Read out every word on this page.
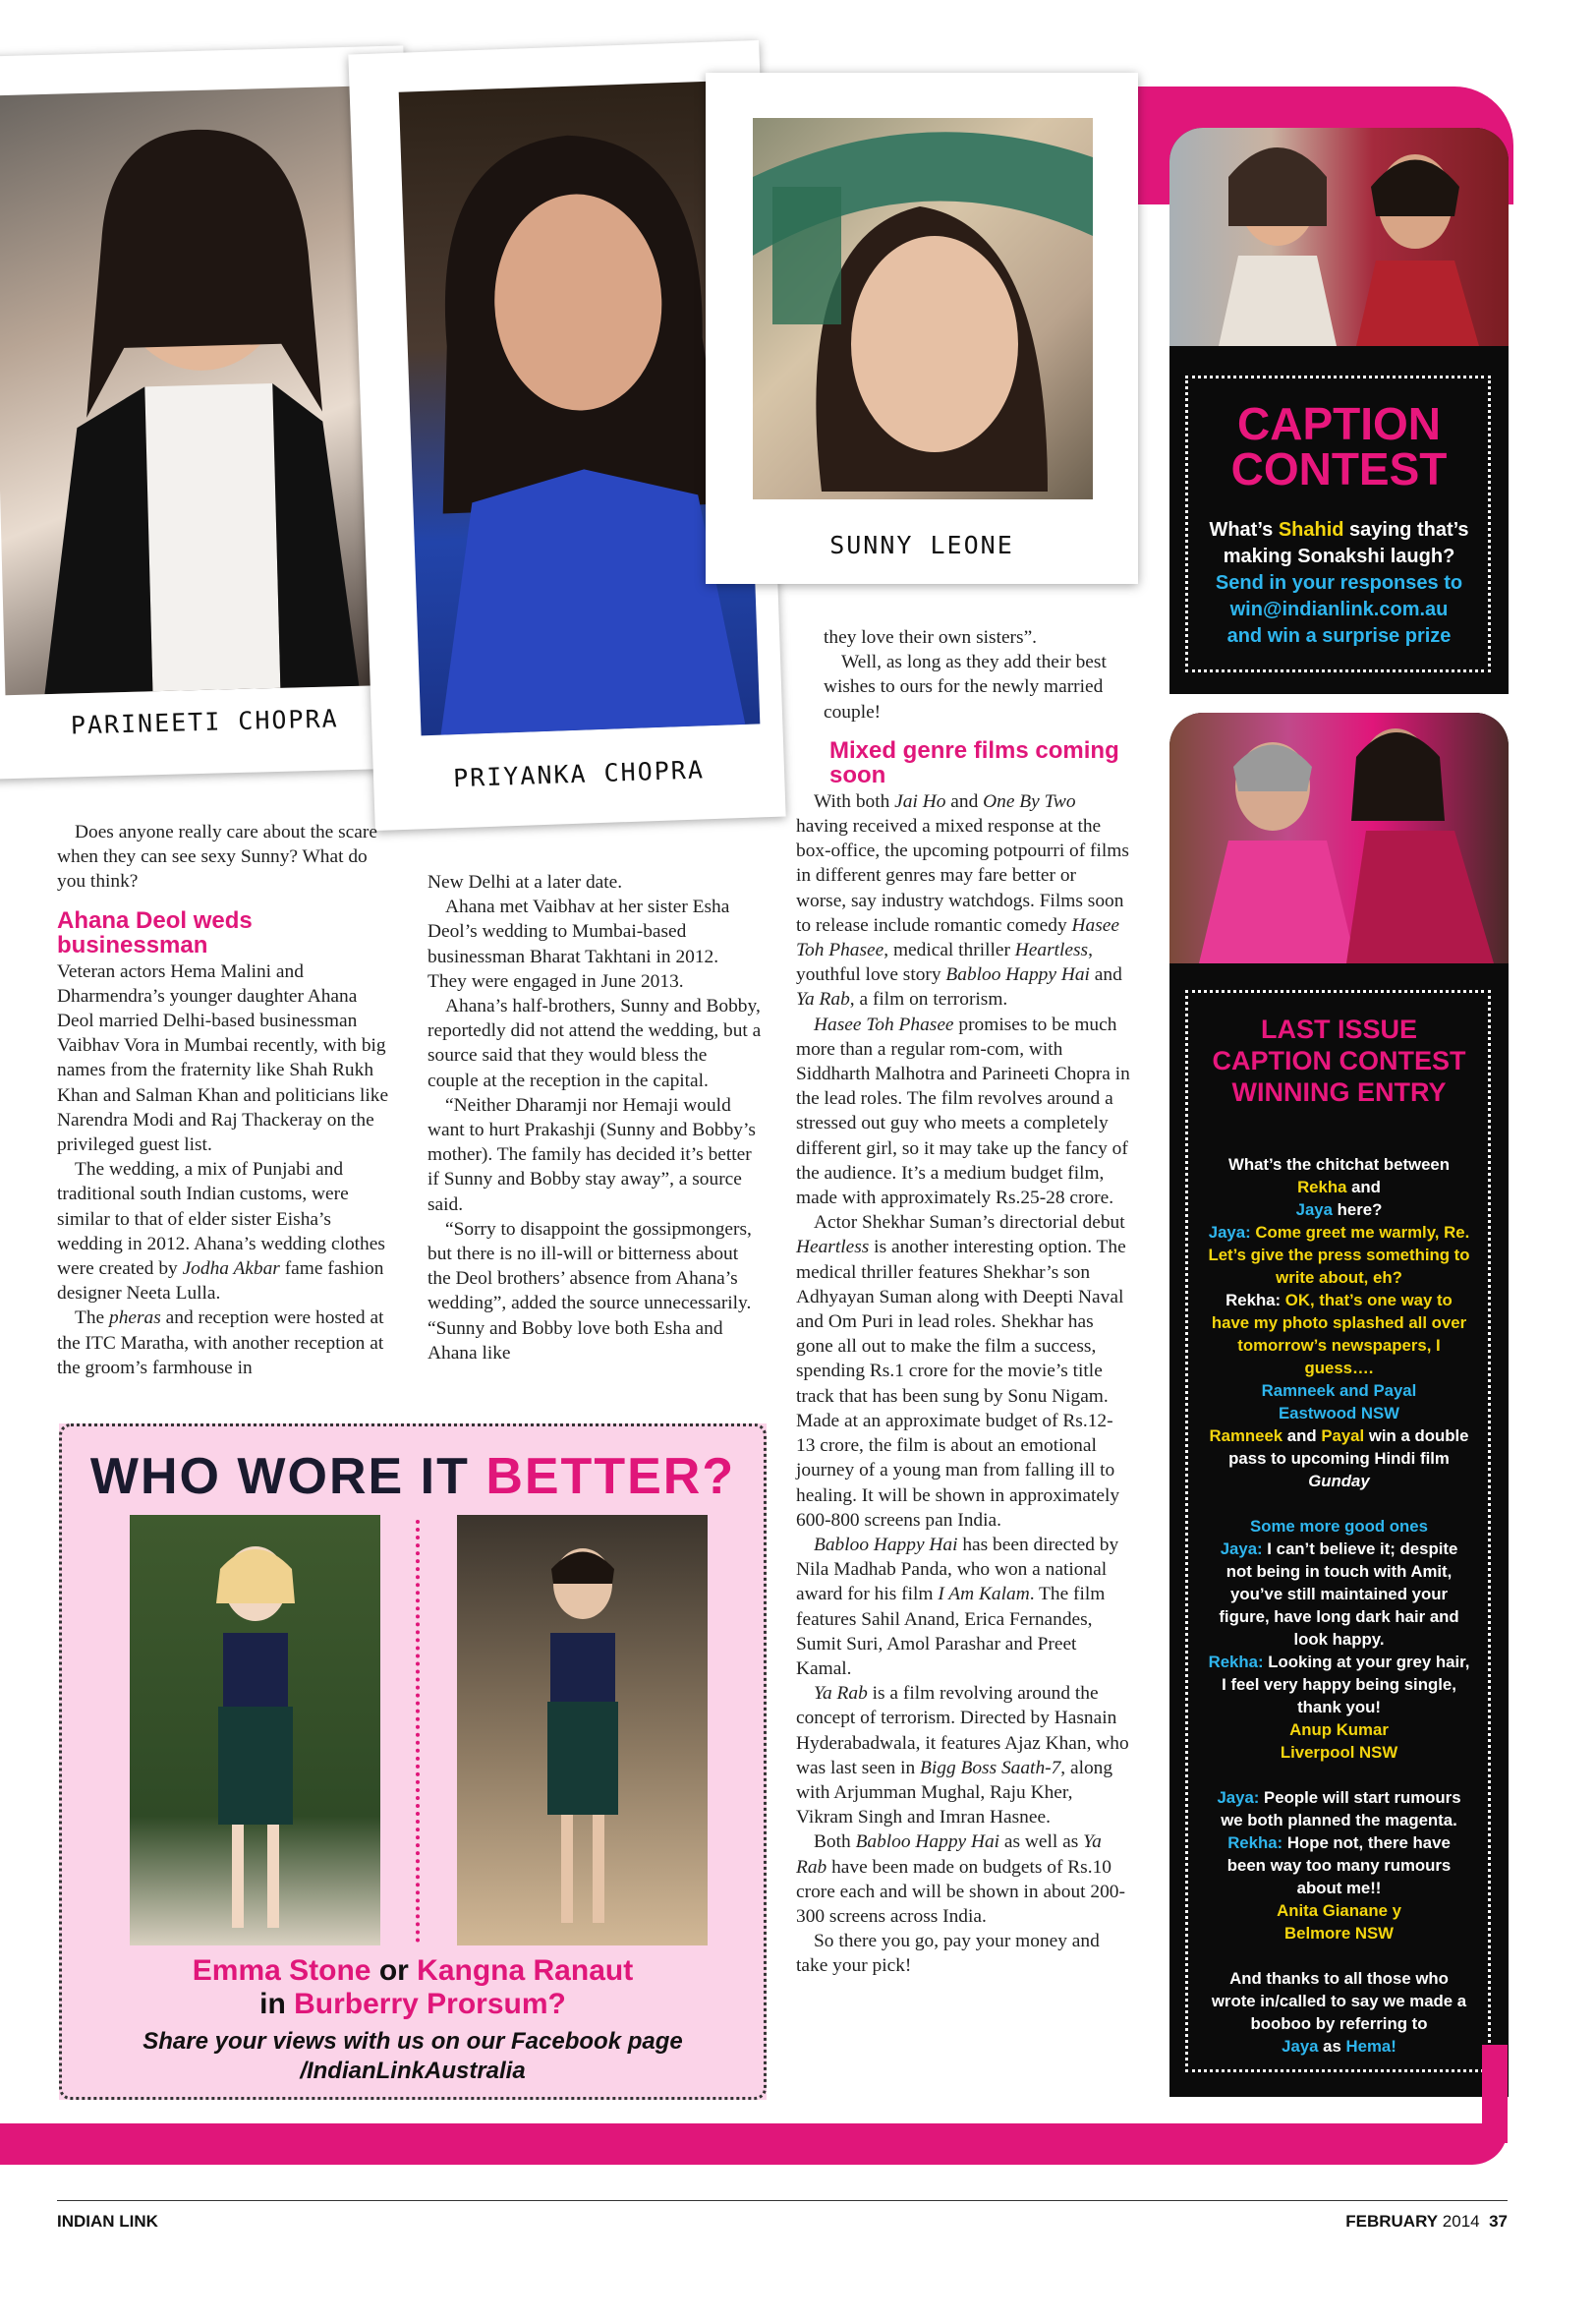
PARINEETI CHOPRA
PRIYANKA CHOPRA
SUNNY LEONE
CAPTION
CONTEST
What’s Shahid saying that’s
making Sonakshi laugh?
Send in your responses to
win@indianlink.com.au
and win a surprise prize
LAST ISSUE
CAPTION CONTEST
WINNING ENTRY
What’s the chitchat between
Rekha and
Jaya here?
Jaya: Come greet me warmly, Re. Let’s give the press something to write about, eh?
Rekha: OK, that’s one way to have my photo splashed all over tomorrow’s newspapers, I guess….
Ramneek and Payal
Eastwood NSW
Ramneek and Payal win a double pass to upcoming Hindi film
Gunday
Some more good ones
Jaya: I can’t believe it; despite not being in touch with Amit, you’ve still maintained your figure, have long dark hair and look happy.
Rekha: Looking at your grey hair, I feel very happy being single, thank you!
Anup Kumar
Liverpool NSW
Jaya: People will start rumours we both planned the magenta.
Rekha: Hope not, there have been way too many rumours about me!!
Anita Gianane y
Belmore NSW
And thanks to all those who wrote in/called to say we made a booboo by referring to
Jaya as Hema!

Does anyone really care about the scare when they can see sexy Sunny? What do you think?

Ahana Deol weds businessman

Veteran actors Hema Malini and Dharmendra’s younger daughter Ahana Deol married Delhi-based businessman Vaibhav Vora in Mumbai recently, with big names from the fraternity like Shah Rukh Khan and Salman Khan and politicians like Narendra Modi and Raj Thackeray on the privileged guest list.

The wedding, a mix of Punjabi and traditional south Indian customs, were similar to that of elder sister Eisha’s wedding in 2012. Ahana’s wedding clothes were created by Jodha Akbar fame fashion designer Neeta Lulla.

The pheras and reception were hosted at the ITC Maratha, with another reception at the groom’s farmhouse in

New Delhi at a later date.

Ahana met Vaibhav at her sister Esha Deol’s wedding to Mumbai-based businessman Bharat Takhtani in 2012. They were engaged in June 2013.

Ahana’s half-brothers, Sunny and Bobby, reportedly did not attend the wedding, but a source said that they would bless the couple at the reception in the capital.

“Neither Dharamji nor Hemaji would want to hurt Prakashji (Sunny and Bobby’s mother). The family has decided it’s better if Sunny and Bobby stay away”, a source said.

“Sorry to disappoint the gossipmongers, but there is no ill-will or bitterness about the Deol brothers’ absence from Ahana’s wedding”, added the source unnecessarily. “Sunny and Bobby love both Esha and Ahana like

they love their own sisters”.

Well, as long as they add their best wishes to ours for the newly married couple!

Mixed genre films coming soon

With both Jai Ho and One By Two having received a mixed response at the box-office, the upcoming potpourri of films in different genres may fare better or worse, say industry watchdogs. Films soon to release include romantic comedy Hasee Toh Phasee, medical thriller Heartless, youthful love story Babloo Happy Hai and Ya Rab, a film on terrorism.

Hasee Toh Phasee promises to be much more than a regular rom-com, with Siddharth Malhotra and Parineeti Chopra in the lead roles. The film revolves around a stressed out guy who meets a completely different girl, so it may take up the fancy of the audience. It’s a medium budget film, made with approximately Rs.25-28 crore.

Actor Shekhar Suman’s directorial debut Heartless is another interesting option. The medical thriller features Shekhar’s son Adhyayan Suman along with Deepti Naval and Om Puri in lead roles. Shekhar has gone all out to make the film a success, spending Rs.1 crore for the movie’s title track that has been sung by Sonu Nigam. Made at an approximate budget of Rs.12-13 crore, the film is about an emotional journey of a young man from falling ill to healing. It will be shown in approximately 600-800 screens pan India.

Babloo Happy Hai has been directed by Nila Madhab Panda, who won a national award for his film I Am Kalam. The film features Sahil Anand, Erica Fernandes, Sumit Suri, Amol Parashar and Preet Kamal.

Ya Rab is a film revolving around the concept of terrorism. Directed by Hasnain Hyderabadwala, it features Ajaz Khan, who was last seen in Bigg Boss Saath-7, along with Arjumman Mughal, Raju Kher, Vikram Singh and Imran Hasnee.

Both Babloo Happy Hai as well as Ya Rab have been made on budgets of Rs.10 crore each and will be shown in about 200-300 screens across India.

So there you go, pay your money and take your pick!

WHO WORE IT BETTER?
Emma Stone or Kangna Ranaut
in Burberry Prorsum?
Share your views with us on our Facebook page
/IndianLinkAustralia
INDIAN LINK	FEBRUARY 2014 37
